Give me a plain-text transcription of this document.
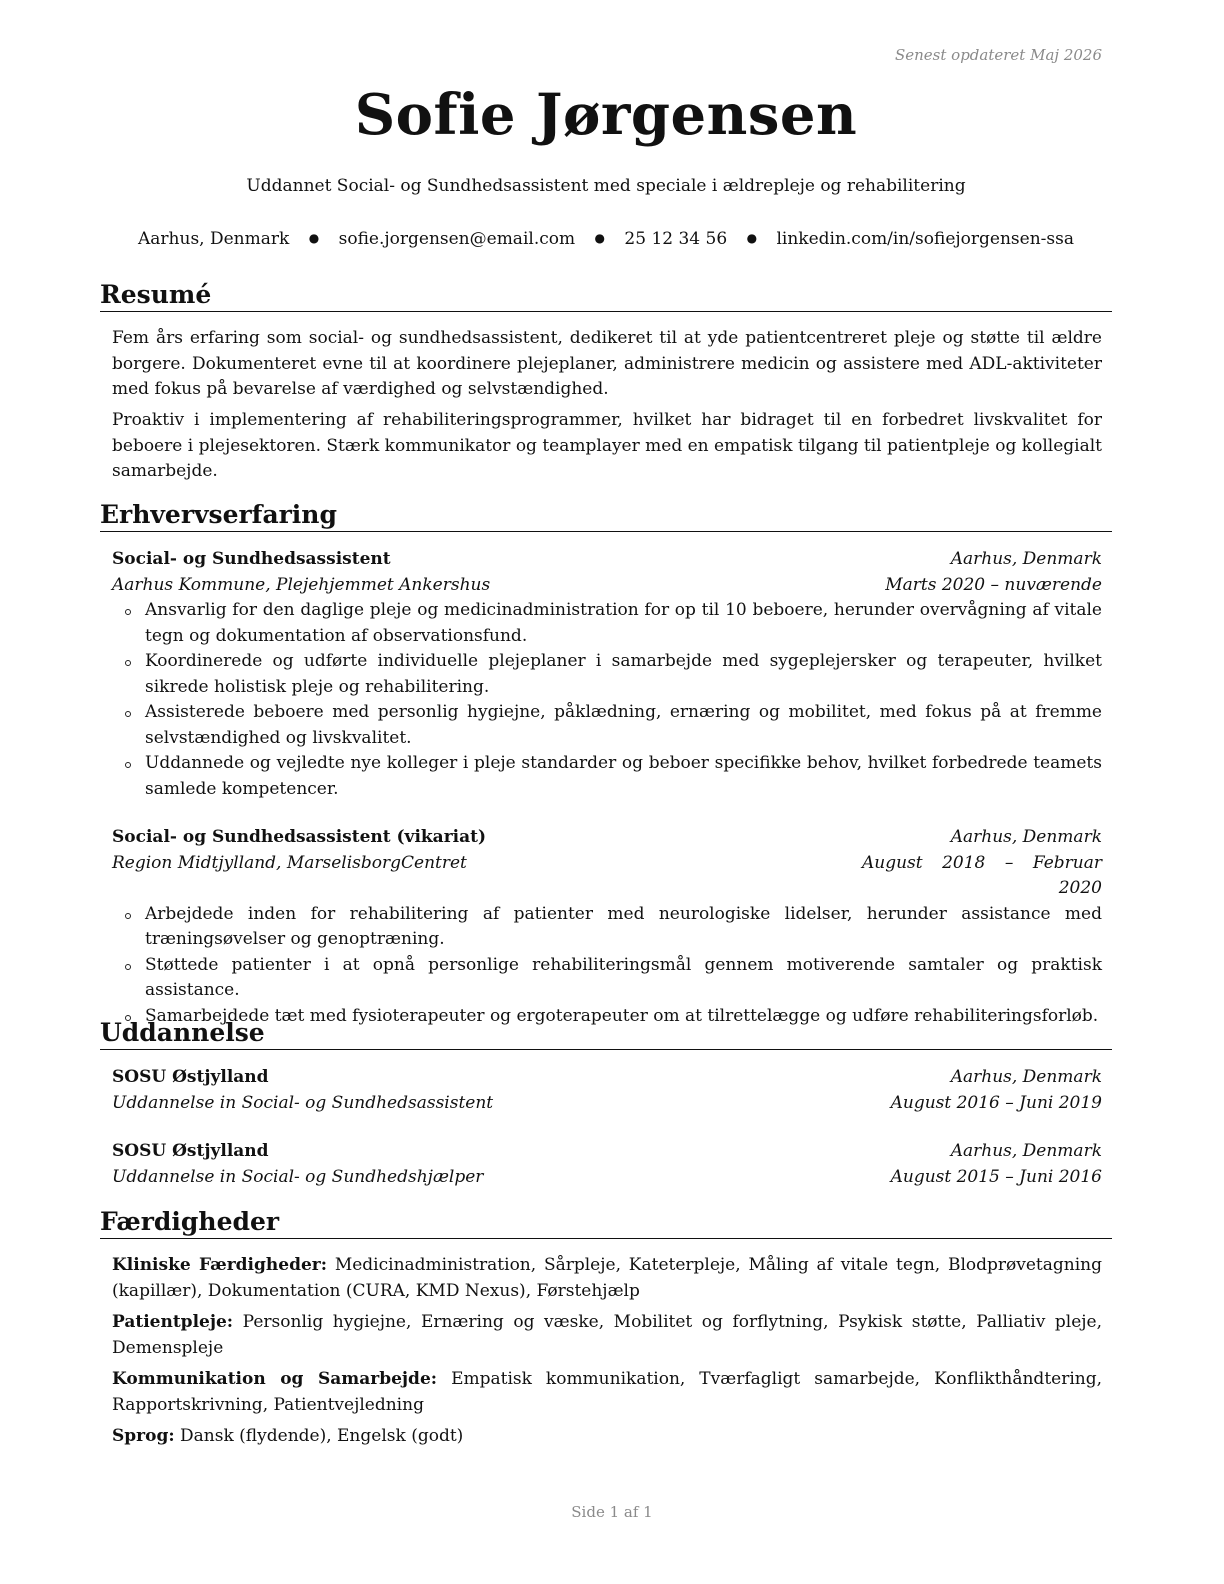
Senest opdateret Maj 2026
Sofie Jørgensen
Uddannet Social- og Sundhedsassistent med speciale i ældrepleje og rehabilitering
Aarhus, Denmark ● sofie.jorgensen@email.com ● 25 12 34 56 ● linkedin.com/in/sofiejorgensen-ssa
Resumé
Fem års erfaring som social- og sundhedsassistent, dedikeret til at yde patientcentreret pleje og støtte til ældre borgere. Dokumenteret evne til at koordinere plejeplaner, administrere medicin og assistere med ADL-aktiviteter med fokus på bevarelse af værdighed og selvstændighed.
Proaktiv i implementering af rehabiliteringsprogrammer, hvilket har bidraget til en forbedret livskvalitet for beboere i plejesektoren. Stærk kommunikator og teamplayer med en empatisk tilgang til patientpleje og kollegialt samarbejde.
Erhvervserfaring
Social- og Sundhedsassistent	Aarhus, Denmark
Aarhus Kommune, Plejehjemmet Ankershus	Marts 2020 – nuværende
Ansvarlig for den daglige pleje og medicinadministration for op til 10 beboere, herunder overvågning af vitale tegn og dokumentation af observationsfund.
Koordinerede og udførte individuelle plejeplaner i samarbejde med sygeplejersker og terapeuter, hvilket sikrede holistisk pleje og rehabilitering.
Assisterede beboere med personlig hygiejne, påklædning, ernæring og mobilitet, med fokus på at fremme selvstændighed og livskvalitet.
Uddannede og vejledte nye kolleger i pleje standarder og beboer specifikke behov, hvilket forbedrede teamets samlede kompetencer.
Social- og Sundhedsassistent (vikariat)	Aarhus, Denmark
Region Midtjylland, MarselisborgCentret	August 2018 – Februar 2020
Arbejdede inden for rehabilitering af patienter med neurologiske lidelser, herunder assistance med træningsøvelser og genoptræning.
Støttede patienter i at opnå personlige rehabiliteringsmål gennem motiverende samtaler og praktisk assistance.
Samarbejdede tæt med fysioterapeuter og ergoterapeuter om at tilrettelægge og udføre rehabiliteringsforløb.
Uddannelse
SOSU Østjylland	Aarhus, Denmark
Uddannelse in Social- og Sundhedsassistent	August 2016 – Juni 2019
SOSU Østjylland	Aarhus, Denmark
Uddannelse in Social- og Sundhedshjælper	August 2015 – Juni 2016
Færdigheder
Kliniske Færdigheder: Medicinadministration, Sårpleje, Kateterpleje, Måling af vitale tegn, Blodprøvetagning (kapillær), Dokumentation (CURA, KMD Nexus), Førstehjælp
Patientpleje: Personlig hygiejne, Ernæring og væske, Mobilitet og forflytning, Psykisk støtte, Palliativ pleje, Demenspleje
Kommunikation og Samarbejde: Empatisk kommunikation, Tværfagligt samarbejde, Konflikthåndtering, Rapportskrivning, Patientvejledning
Sprog: Dansk (flydende), Engelsk (godt)
Side 1 af 1
